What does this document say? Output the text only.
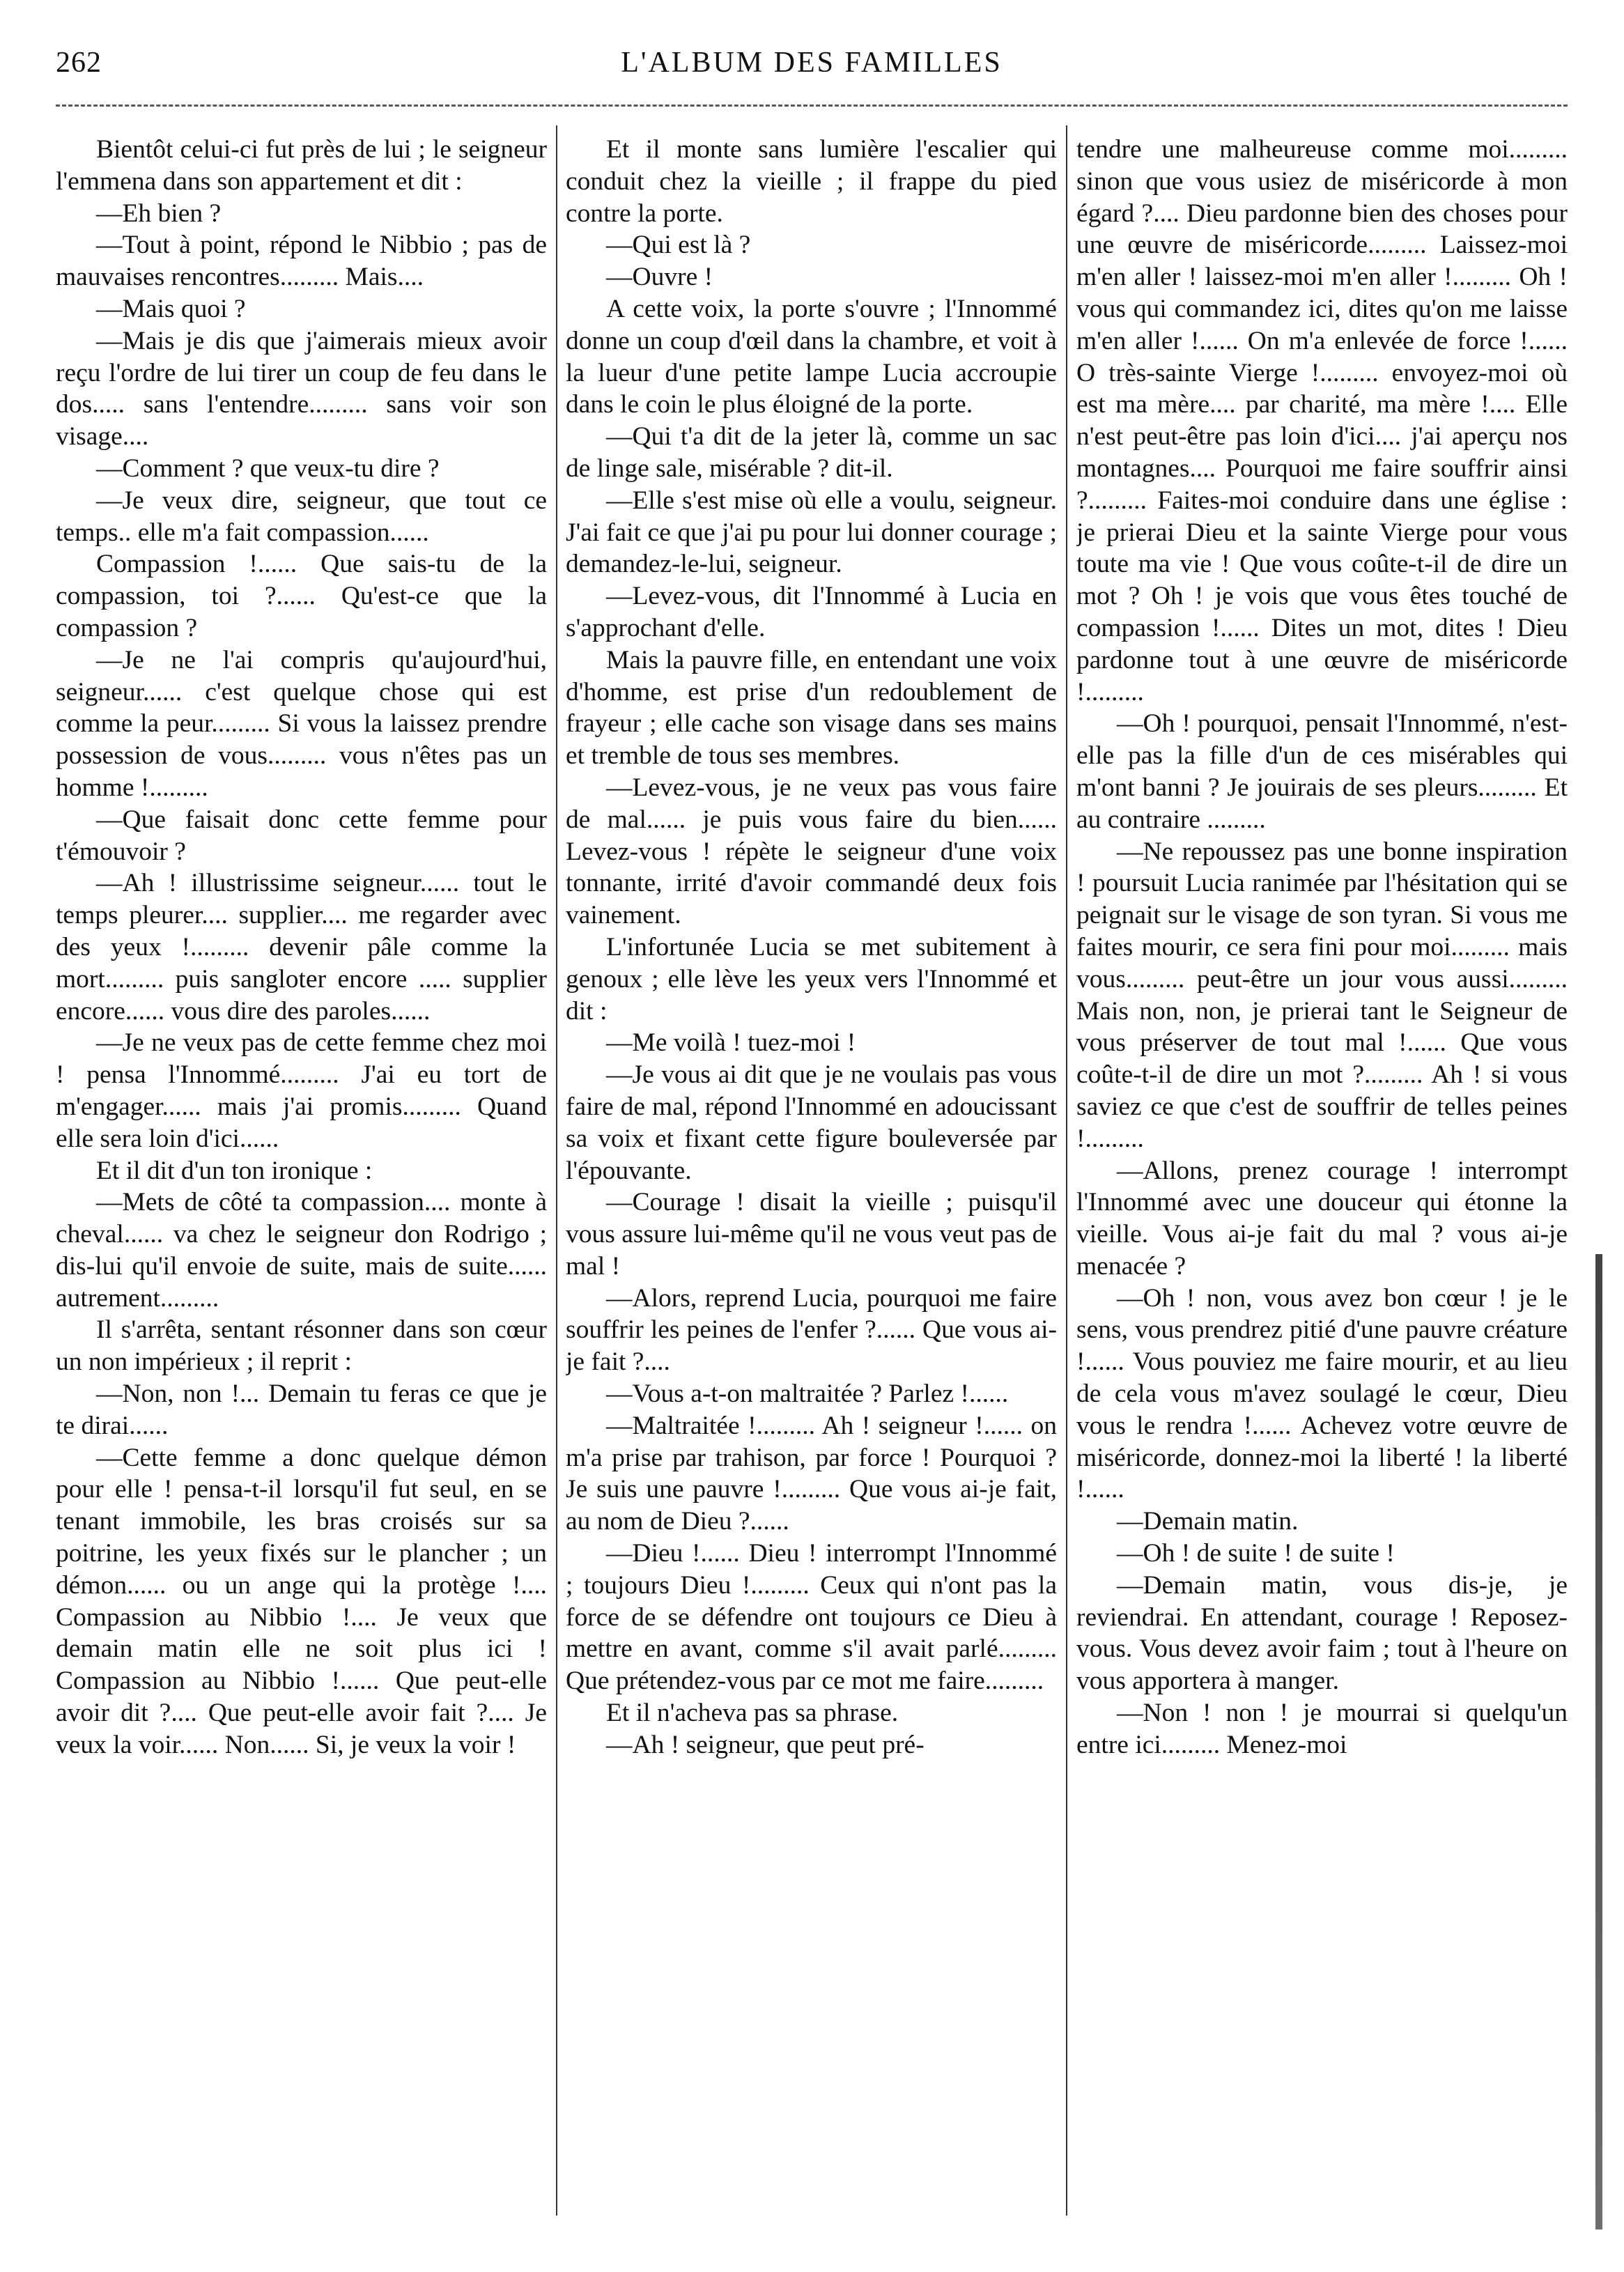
262	L'ALBUM DES FAMILLES

Bientôt celui-ci fut près de lui ; le seigneur l'emmena dans son appartement et dit :

—Eh bien ?

—Tout à point, répond le Nibbio ; pas de mauvaises rencontres......... Mais....

—Mais quoi ?

—Mais je dis que j'aimerais mieux avoir reçu l'ordre de lui tirer un coup de feu dans le dos..... sans l'entendre......... sans voir son visage....

—Comment ? que veux-tu dire ?

—Je veux dire, seigneur, que tout ce temps.. elle m'a fait compassion......

Compassion !...... Que sais-tu de la compassion, toi ?...... Qu'est-ce que la compassion ?

—Je ne l'ai compris qu'aujourd'hui, seigneur...... c'est quelque chose qui est comme la peur......... Si vous la laissez prendre possession de vous......... vous n'êtes pas un homme !.........

—Que faisait donc cette femme pour t'émouvoir ?

—Ah ! illustrissime seigneur...... tout le temps pleurer.... supplier.... me regarder avec des yeux !......... devenir pâle comme la mort......... puis sangloter encore ..... supplier encore...... vous dire des paroles......

—Je ne veux pas de cette femme chez moi ! pensa l'Innommé......... J'ai eu tort de m'engager...... mais j'ai promis......... Quand elle sera loin d'ici......

Et il dit d'un ton ironique :

—Mets de côté ta compassion.... monte à cheval...... va chez le seigneur don Rodrigo ; dis-lui qu'il envoie de suite, mais de suite...... autrement.........

Il s'arrêta, sentant résonner dans son cœur un non impérieux ; il reprit :

—Non, non !... Demain tu feras ce que je te dirai......

—Cette femme a donc quelque démon pour elle ! pensa-t-il lorsqu'il fut seul, en se tenant immobile, les bras croisés sur sa poitrine, les yeux fixés sur le plancher ; un démon...... ou un ange qui la protège !.... Compassion au Nibbio !.... Je veux que demain matin elle ne soit plus ici ! Compassion au Nibbio !...... Que peut-elle avoir dit ?.... Que peut-elle avoir fait ?.... Je veux la voir...... Non...... Si, je veux la voir !

Et il monte sans lumière l'escalier qui conduit chez la vieille ; il frappe du pied contre la porte.

—Qui est là ?

—Ouvre !

A cette voix, la porte s'ouvre ; l'Innommé donne un coup d'œil dans la chambre, et voit à la lueur d'une petite lampe Lucia accroupie dans le coin le plus éloigné de la porte.

—Qui t'a dit de la jeter là, comme un sac de linge sale, misérable ? dit-il.

—Elle s'est mise où elle a voulu, seigneur. J'ai fait ce que j'ai pu pour lui donner courage ; demandez-le-lui, seigneur.

—Levez-vous, dit l'Innommé à Lucia en s'approchant d'elle.

Mais la pauvre fille, en entendant une voix d'homme, est prise d'un redoublement de frayeur ; elle cache son visage dans ses mains et tremble de tous ses membres.

—Levez-vous, je ne veux pas vous faire de mal...... je puis vous faire du bien...... Levez-vous ! répète le seigneur d'une voix tonnante, irrité d'avoir commandé deux fois vainement.

L'infortunée Lucia se met subitement à genoux ; elle lève les yeux vers l'Innommé et dit :

—Me voilà ! tuez-moi !

—Je vous ai dit que je ne voulais pas vous faire de mal, répond l'Innommé en adoucissant sa voix et fixant cette figure bouleversée par l'épouvante.

—Courage ! disait la vieille ; puisqu'il vous assure lui-même qu'il ne vous veut pas de mal !

—Alors, reprend Lucia, pourquoi me faire souffrir les peines de l'enfer ?...... Que vous ai-je fait ?....

—Vous a-t-on maltraitée ? Parlez !......

—Maltraitée !......... Ah ! seigneur !...... on m'a prise par trahison, par force ! Pourquoi ? Je suis une pauvre !......... Que vous ai-je fait, au nom de Dieu ?......

—Dieu !...... Dieu ! interrompt l'Innommé ; toujours Dieu !......... Ceux qui n'ont pas la force de se défendre ont toujours ce Dieu à mettre en avant, comme s'il avait parlé......... Que prétendez-vous par ce mot me faire.........

Et il n'acheva pas sa phrase.

—Ah ! seigneur, que peut pré-

tendre une malheureuse comme moi......... sinon que vous usiez de miséricorde à mon égard ?.... Dieu pardonne bien des choses pour une œuvre de miséricorde......... Laissez-moi m'en aller ! laissez-moi m'en aller !......... Oh ! vous qui commandez ici, dites qu'on me laisse m'en aller !...... On m'a enlevée de force !...... O très-sainte Vierge !......... envoyez-moi où est ma mère.... par charité, ma mère !.... Elle n'est peut-être pas loin d'ici.... j'ai aperçu nos montagnes.... Pourquoi me faire souffrir ainsi ?......... Faites-moi conduire dans une église : je prierai Dieu et la sainte Vierge pour vous toute ma vie ! Que vous coûte-t-il de dire un mot ? Oh ! je vois que vous êtes touché de compassion !...... Dites un mot, dites ! Dieu pardonne tout à une œuvre de miséricorde !.........

—Oh ! pourquoi, pensait l'Innommé, n'est-elle pas la fille d'un de ces misérables qui m'ont banni ? Je jouirais de ses pleurs......... Et au contraire .........

—Ne repoussez pas une bonne inspiration ! poursuit Lucia ranimée par l'hésitation qui se peignait sur le visage de son tyran. Si vous me faites mourir, ce sera fini pour moi......... mais vous......... peut-être un jour vous aussi......... Mais non, non, je prierai tant le Seigneur de vous préserver de tout mal !...... Que vous coûte-t-il de dire un mot ?......... Ah ! si vous saviez ce que c'est de souffrir de telles peines !.........

—Allons, prenez courage ! interrompt l'Innommé avec une douceur qui étonne la vieille. Vous ai-je fait du mal ? vous ai-je menacée ?

—Oh ! non, vous avez bon cœur ! je le sens, vous prendrez pitié d'une pauvre créature !...... Vous pouviez me faire mourir, et au lieu de cela vous m'avez soulagé le cœur, Dieu vous le rendra !...... Achevez votre œuvre de miséricorde, donnez-moi la liberté ! la liberté !......

—Demain matin.

—Oh ! de suite ! de suite !

—Demain matin, vous dis-je, je reviendrai. En attendant, courage ! Reposez-vous. Vous devez avoir faim ; tout à l'heure on vous apportera à manger.

—Non ! non ! je mourrai si quelqu'un entre ici......... Menez-moi
